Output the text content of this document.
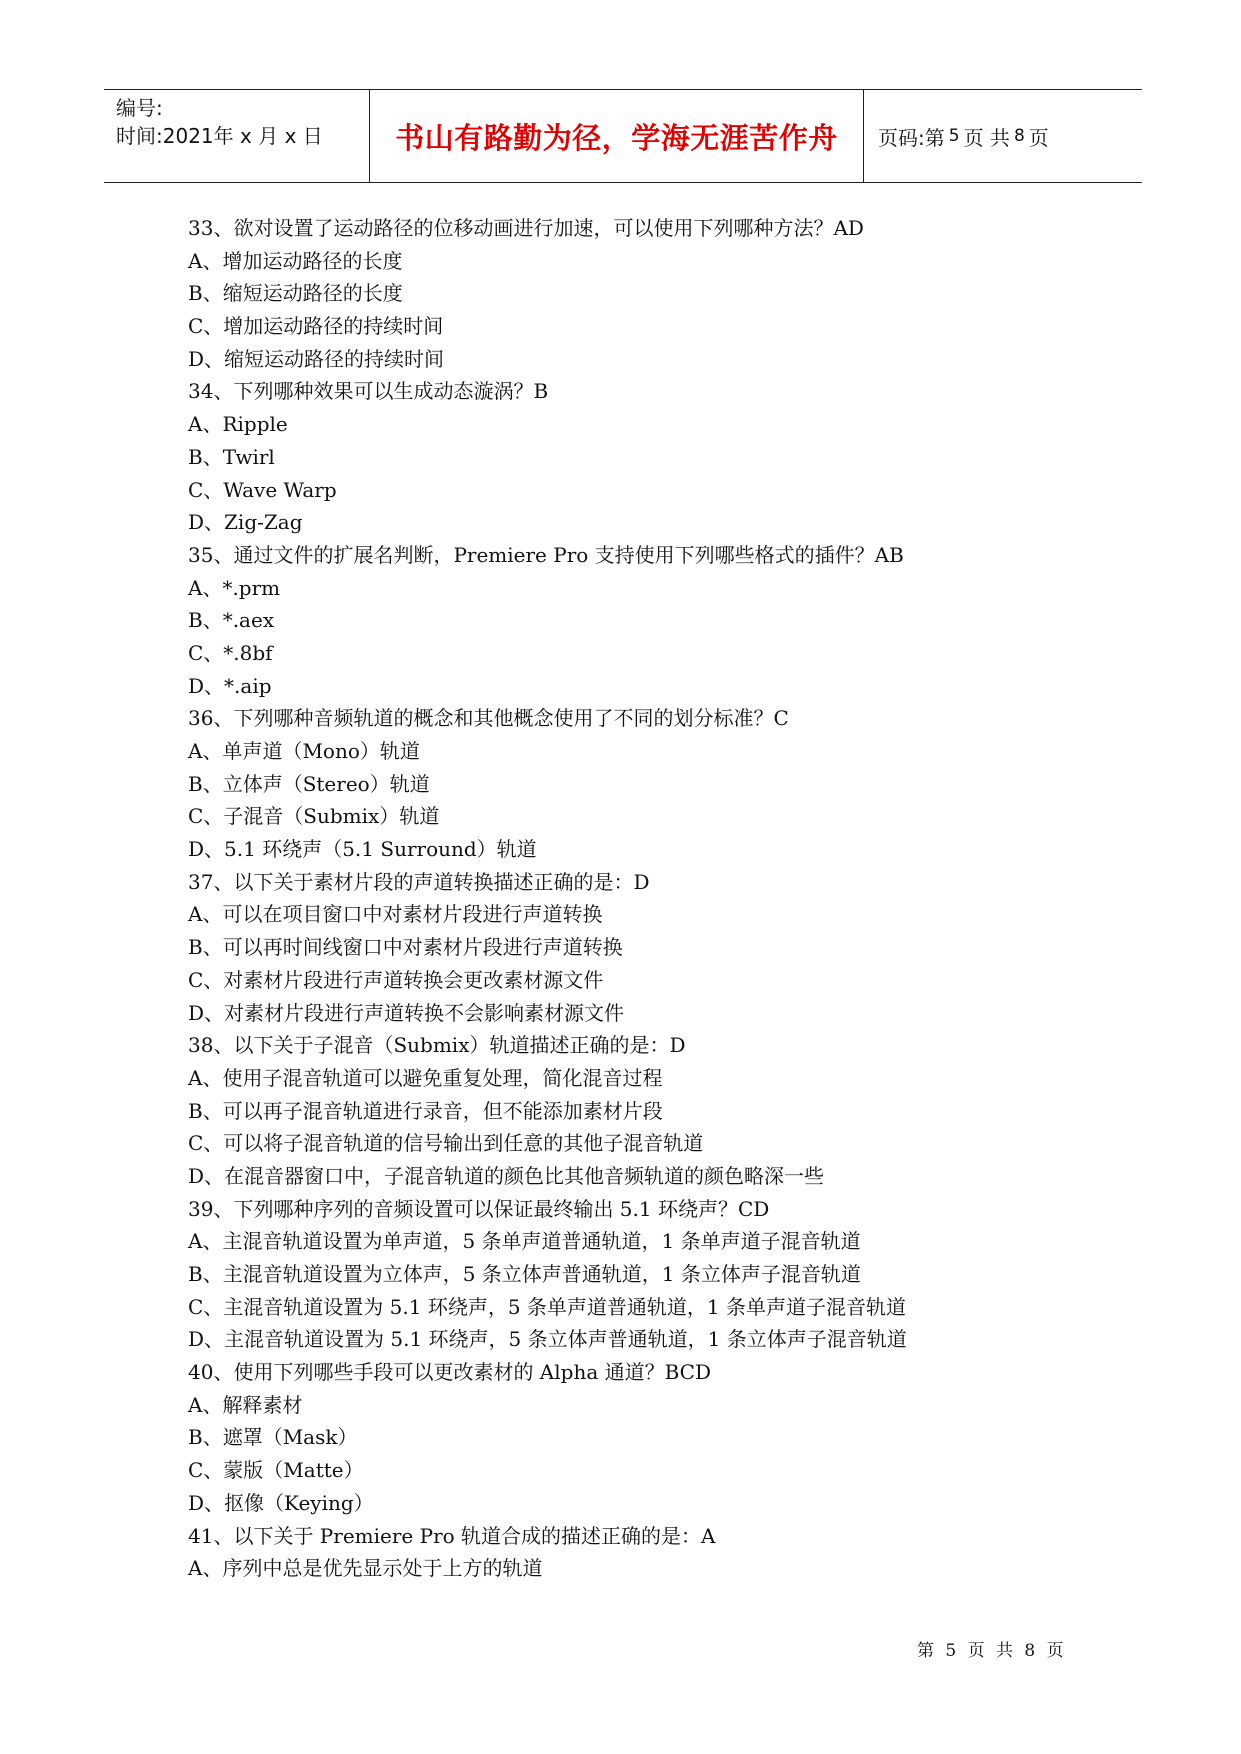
编号:
时间:2021年 x 月 x 日	书山有路勤为径，学海无涯苦作舟	页码:第 5 页 共 8 页
33、欲对设置了运动路径的位移动画进行加速，可以使用下列哪种方法？AD
A、增加运动路径的长度
B、缩短运动路径的长度
C、增加运动路径的持续时间
D、缩短运动路径的持续时间
34、下列哪种效果可以生成动态漩涡？B
A、Ripple
B、Twirl
C、Wave Warp
D、Zig-Zag
35、通过文件的扩展名判断，Premiere Pro 支持使用下列哪些格式的插件？AB
A、*.prm
B、*.aex
C、*.8bf
D、*.aip
36、下列哪种音频轨道的概念和其他概念使用了不同的划分标准？C
A、单声道（Mono）轨道
B、立体声（Stereo）轨道
C、子混音（Submix）轨道
D、5.1 环绕声（5.1 Surround）轨道
37、以下关于素材片段的声道转换描述正确的是：D
A、可以在项目窗口中对素材片段进行声道转换
B、可以再时间线窗口中对素材片段进行声道转换
C、对素材片段进行声道转换会更改素材源文件
D、对素材片段进行声道转换不会影响素材源文件
38、以下关于子混音（Submix）轨道描述正确的是：D
A、使用子混音轨道可以避免重复处理，简化混音过程
B、可以再子混音轨道进行录音，但不能添加素材片段
C、可以将子混音轨道的信号输出到任意的其他子混音轨道
D、在混音器窗口中，子混音轨道的颜色比其他音频轨道的颜色略深一些
39、下列哪种序列的音频设置可以保证最终输出 5.1 环绕声？CD
A、主混音轨道设置为单声道，5 条单声道普通轨道，1 条单声道子混音轨道
B、主混音轨道设置为立体声，5 条立体声普通轨道，1 条立体声子混音轨道
C、主混音轨道设置为 5.1 环绕声，5 条单声道普通轨道，1 条单声道子混音轨道
D、主混音轨道设置为 5.1 环绕声，5 条立体声普通轨道，1 条立体声子混音轨道
40、使用下列哪些手段可以更改素材的 Alpha 通道？BCD
A、解释素材
B、遮罩（Mask）
C、蒙版（Matte）
D、抠像（Keying）
41、以下关于 Premiere Pro 轨道合成的描述正确的是：A
A、序列中总是优先显示处于上方的轨道
第 5 页 共 8 页
